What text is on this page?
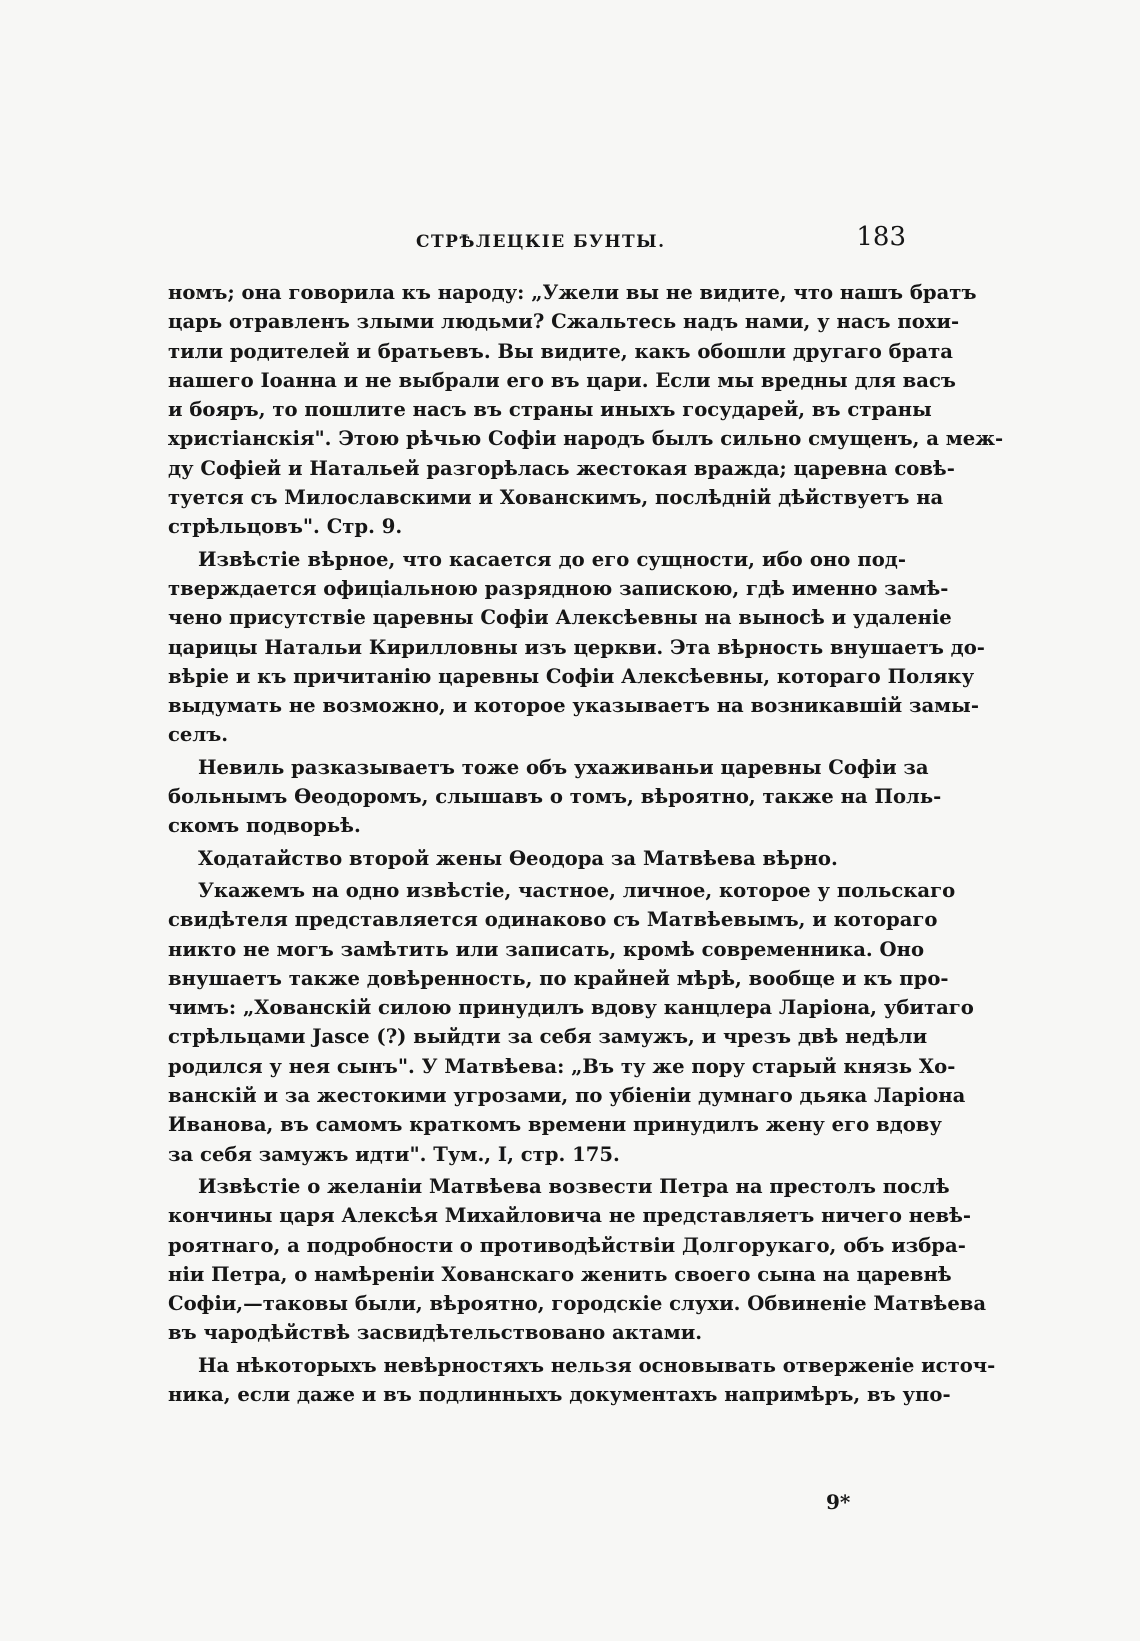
СТРѢЛЕЦКІЕ БУНТЫ.	183
номъ; она говорила къ народу: „Ужели вы не видите, что нашъ братъ
царь отравленъ злыми людьми? Сжальтесь надъ нами, у насъ похи-
тили родителей и братьевъ. Вы видите, какъ обошли другаго брата
нашего Іоанна и не выбрали его въ цари. Если мы вредны для васъ
и бояръ, то пошлите насъ въ страны иныхъ государей, въ страны
христіанскія". Этою рѣчью Софіи народъ былъ сильно смущенъ, а меж-
ду Софіей и Натальей разгорѣлась жестокая вражда; царевна совѣ-
туется съ Милославскими и Хованскимъ, послѣдній дѣйствуетъ на
стрѣльцовъ". Стр. 9.
Извѣстіе вѣрное, что касается до его сущности, ибо оно под-
тверждается офиціальною разрядною запискою, гдѣ именно замѣ-
чено присутствіе царевны Софіи Алексѣевны на выносѣ и удаленіе
царицы Натальи Кирилловны изъ церкви. Эта вѣрность внушаетъ до-
вѣріе и къ причитанію царевны Софіи Алексѣевны, котораго Поляку
выдумать не возможно, и которое указываетъ на возникавшій замы-
селъ.
Невиль разказываетъ тоже объ ухаживаньи царевны Софіи за
больнымъ Ѳеодоромъ, слышавъ о томъ, вѣроятно, также на Поль-
скомъ подворьѣ.
Ходатайство второй жены Ѳеодора за Матвѣева вѣрно.
Укажемъ на одно извѣстіе, частное, личное, которое у польскаго
свидѣтеля представляется одинаково съ Матвѣевымъ, и котораго
никто не могъ замѣтить или записать, кромѣ современника. Оно
внушаетъ также довѣренность, по крайней мѣрѣ, вообще и къ про-
чимъ: „Хованскій силою принудилъ вдову канцлера Ларіона, убитаго
стрѣльцами Jasce (?) выйдти за себя замужъ, и чрезъ двѣ недѣли
родился у нея сынъ". У Матвѣева: „Въ ту же пору старый князь Хо-
ванскій и за жестокими угрозами, по убіеніи думнаго дьяка Ларіона
Иванова, въ самомъ краткомъ времени принудилъ жену его вдову
за себя замужъ идти". Тум., I, стр. 175.
Извѣстіе о желаніи Матвѣева возвести Петра на престолъ послѣ
кончины царя Алексѣя Михайловича не представляетъ ничего невѣ-
роятнаго, а подробности о противодѣйствіи Долгорукаго, объ избра-
ніи Петра, о намѣреніи Хованскаго женить своего сына на царевнѣ
Софіи,—таковы были, вѣроятно, городскіе слухи. Обвиненіе Матвѣева
въ чародѣйствѣ засвидѣтельствовано актами.
На нѣкоторыхъ невѣрностяхъ нельзя основывать отверженіе источ-
ника, если даже и въ подлинныхъ документахъ напримѣръ, въ упо-
9*
